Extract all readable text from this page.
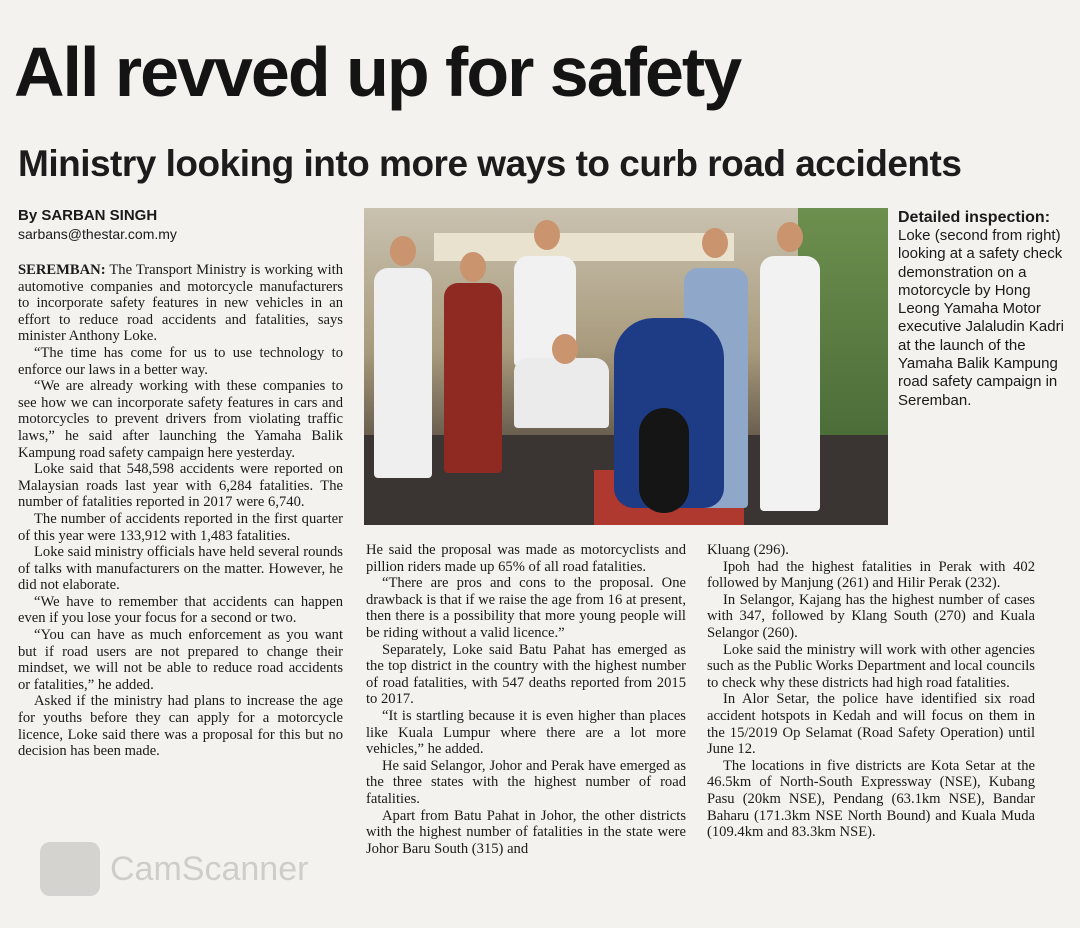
All revved up for safety
Ministry looking into more ways to curb road accidents
By SARBAN SINGH
sarbans@thestar.com.my

SEREMBAN: The Transport Ministry is working with automotive companies and motorcycle manufacturers to incorporate safety features in new vehicles in an effort to reduce road accidents and fatalities, says minister Anthony Loke.

“The time has come for us to use technology to enforce our laws in a better way.

“We are already working with these companies to see how we can incorporate safety features in cars and motorcycles to prevent drivers from violating traffic laws,” he said after launching the Yamaha Balik Kampung road safety campaign here yesterday.

Loke said that 548,598 accidents were reported on Malaysian roads last year with 6,284 fatalities. The number of fatalities reported in 2017 were 6,740.

The number of accidents reported in the first quarter of this year were 133,912 with 1,483 fatalities.

Loke said ministry officials have held several rounds of talks with manufacturers on the matter. However, he did not elaborate.

“We have to remember that accidents can happen even if you lose your focus for a second or two.

“You can have as much enforcement as you want but if road users are not prepared to change their mindset, we will not be able to reduce road accidents or fatalities,” he added.

Asked if the ministry had plans to increase the age for youths before they can apply for a motorcycle licence, Loke said there was a proposal for this but no decision has been made.

Detailed inspection:
Loke (second from right) looking at a safety check demonstration on a motorcycle by Hong Leong Yamaha Motor executive Jalaludin Kadri at the launch of the Yamaha Balik Kampung road safety campaign in Seremban.

He said the proposal was made as motorcyclists and pillion riders made up 65% of all road fatalities.

“There are pros and cons to the proposal. One drawback is that if we raise the age from 16 at present, then there is a possibility that more young people will be riding without a valid licence.”

Separately, Loke said Batu Pahat has emerged as the top district in the country with the highest number of road fatalities, with 547 deaths reported from 2015 to 2017.

“It is startling because it is even higher than places like Kuala Lumpur where there are a lot more vehicles,” he added.

He said Selangor, Johor and Perak have emerged as the three states with the highest number of road fatalities.

Apart from Batu Pahat in Johor, the other districts with the highest number of fatalities in the state were Johor Baru South (315) and

Kluang (296).

Ipoh had the highest fatalities in Perak with 402 followed by Manjung (261) and Hilir Perak (232).

In Selangor, Kajang has the highest number of cases with 347, followed by Klang South (270) and Kuala Selangor (260).

Loke said the ministry will work with other agencies such as the Public Works Department and local councils to check why these districts had high road fatalities.

In Alor Setar, the police have identified six road accident hotspots in Kedah and will focus on them in the 15/2019 Op Selamat (Road Safety Operation) until June 12.

The locations in five districts are Kota Setar at the 46.5km of North-South Expressway (NSE), Kubang Pasu (20km NSE), Pendang (63.1km NSE), Bandar Baharu (171.3km NSE North Bound) and Kuala Muda (109.4km and 83.3km NSE).

CamScanner
